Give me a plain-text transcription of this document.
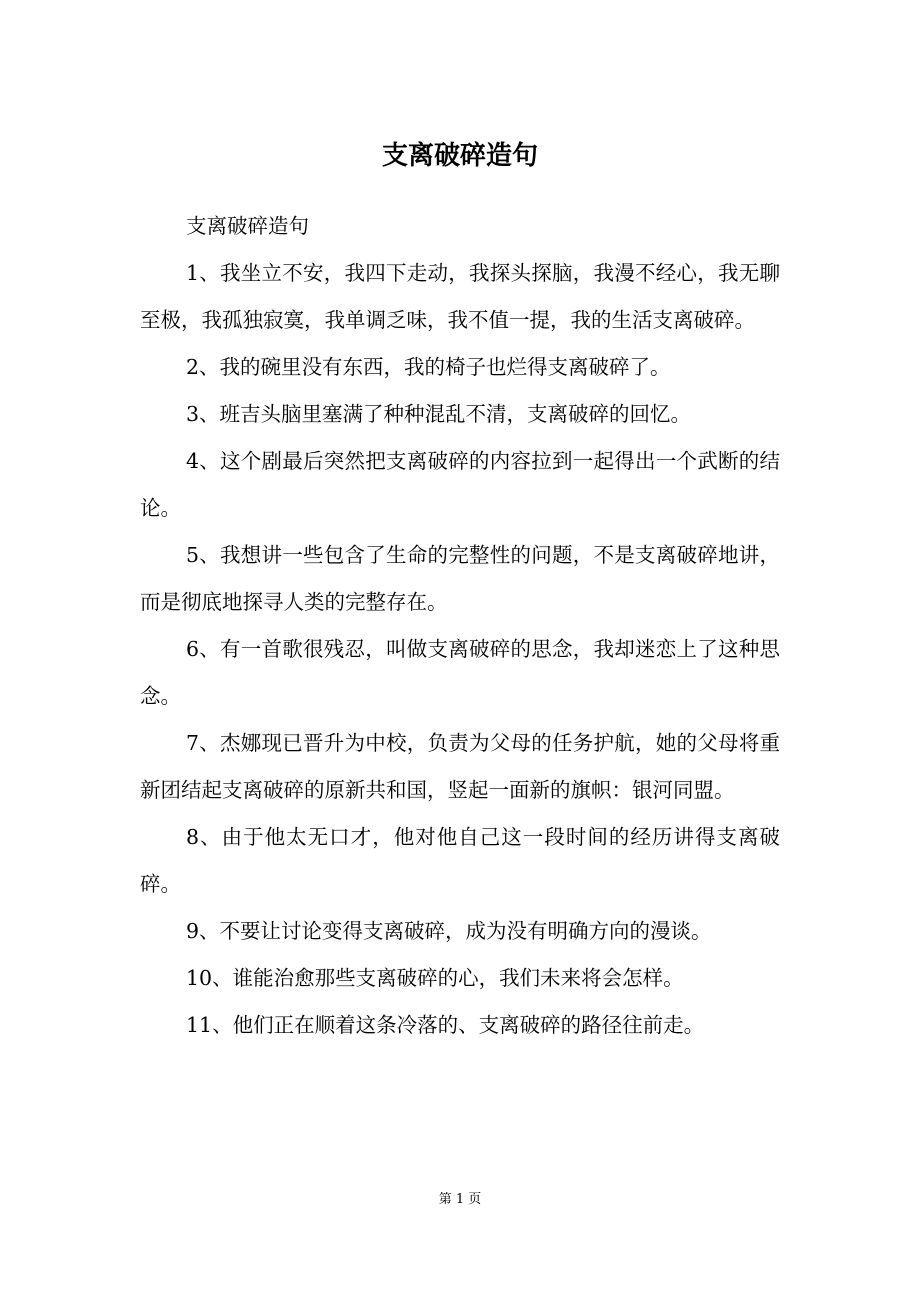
支离破碎造句

支离破碎造句

1、我坐立不安，我四下走动，我探头探脑，我漫不经心，我无聊至极，我孤独寂寞，我单调乏味，我不值一提，我的生活支离破碎。

2、我的碗里没有东西，我的椅子也烂得支离破碎了。

3、班吉头脑里塞满了种种混乱不清，支离破碎的回忆。

4、这个剧最后突然把支离破碎的内容拉到一起得出一个武断的结论。

5、我想讲一些包含了生命的完整性的问题，不是支离破碎地讲，而是彻底地探寻人类的完整存在。

6、有一首歌很残忍，叫做支离破碎的思念，我却迷恋上了这种思念。

7、杰娜现已晋升为中校，负责为父母的任务护航，她的父母将重新团结起支离破碎的原新共和国，竖起一面新的旗帜：银河同盟。

8、由于他太无口才，他对他自己这一段时间的经历讲得支离破碎。

9、不要让讨论变得支离破碎，成为没有明确方向的漫谈。

10、谁能治愈那些支离破碎的心，我们未来将会怎样。

11、他们正在顺着这条冷落的、支离破碎的路径往前走。

第 1 页
